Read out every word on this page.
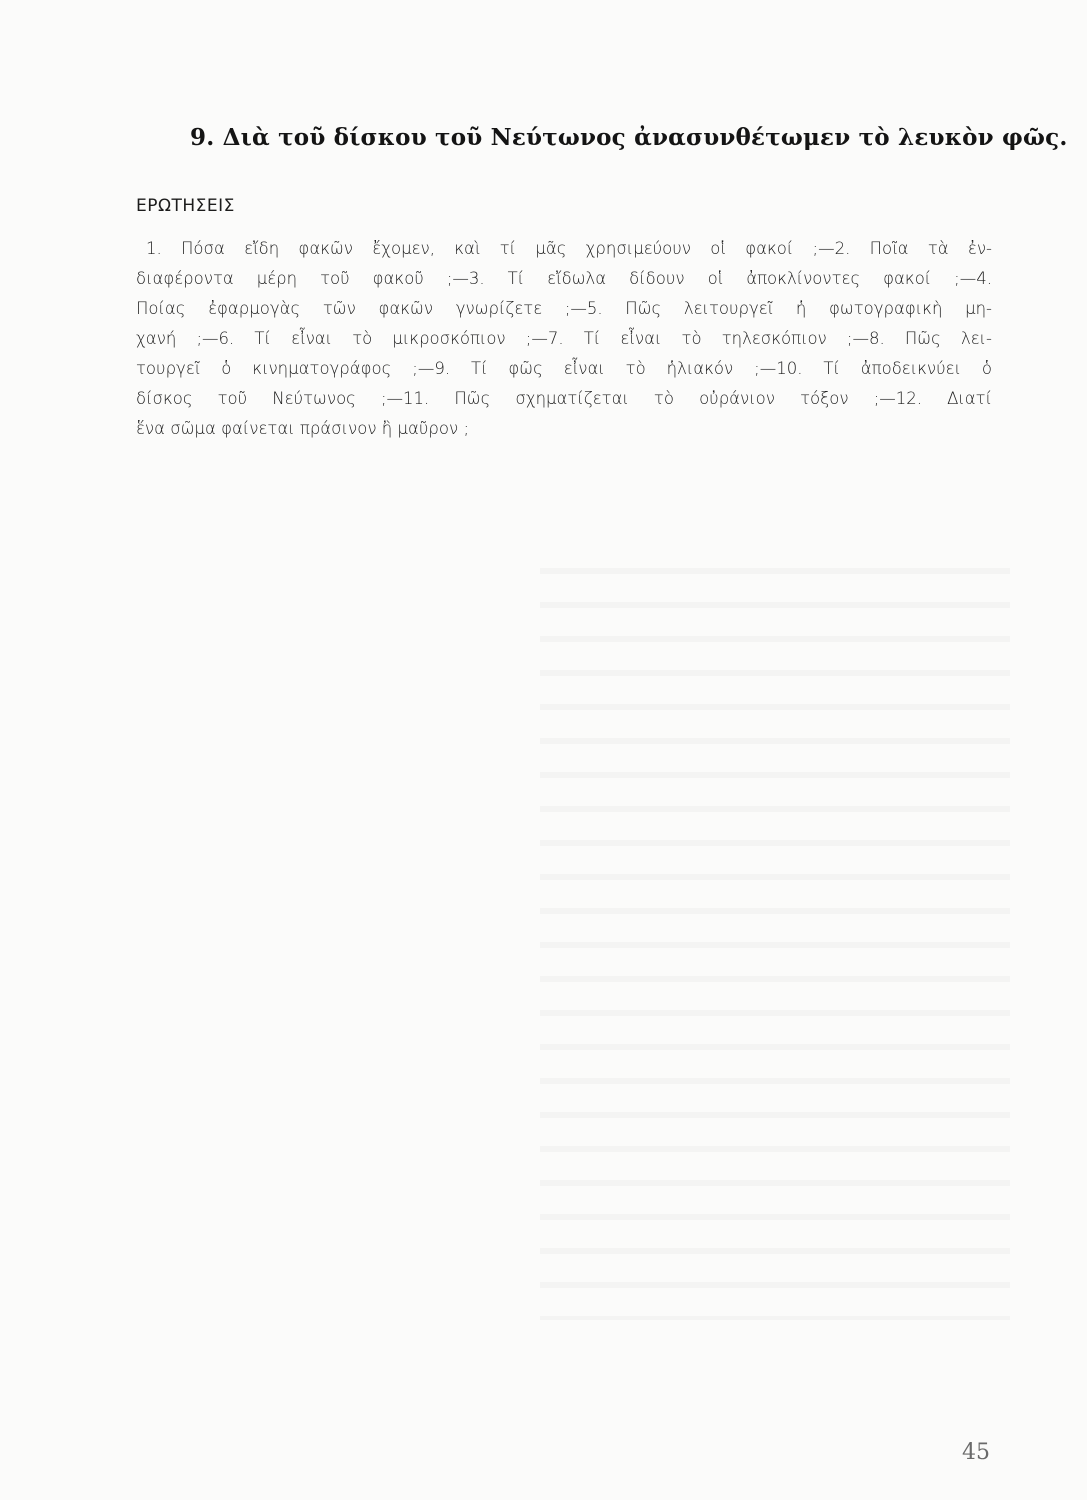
9. Διὰ τοῦ δίσκου τοῦ Νεύτωνος ἀνασυνθέτωμεν τὸ λευκὸν φῶς.

ΕΡΩΤΗΣΕΙΣ

1. Πόσα εἴδη φακῶν ἔχομεν, καὶ τί μᾶς χρησιμεύουν οἱ φακοί ;—2. Ποῖα τὰ ἐν-
διαφέροντα μέρη τοῦ φακοῦ ;—3. Τί εἴδωλα δίδουν οἱ ἀποκλίνοντες φακοί ;—4.
Ποίας ἐφαρμογὰς τῶν φακῶν γνωρίζετε ;—5. Πῶς λειτουργεῖ ἡ φωτογραφικὴ μη-
χανή ;—6. Τί εἶναι τὸ μικροσκόπιον ;—7. Τί εἶναι τὸ τηλεσκόπιον ;—8. Πῶς λει-
τουργεῖ ὁ κινηματογράφος ;—9. Τί φῶς εἶναι τὸ ἡλιακόν ;—10. Τί ἀποδεικνύει ὁ
δίσκος τοῦ Νεύτωνος ;—11. Πῶς σχηματίζεται τὸ οὐράνιον τόξον ;—12. Διατί
ἕνα σῶμα φαίνεται πράσινον ἢ μαῦρον ;

45
